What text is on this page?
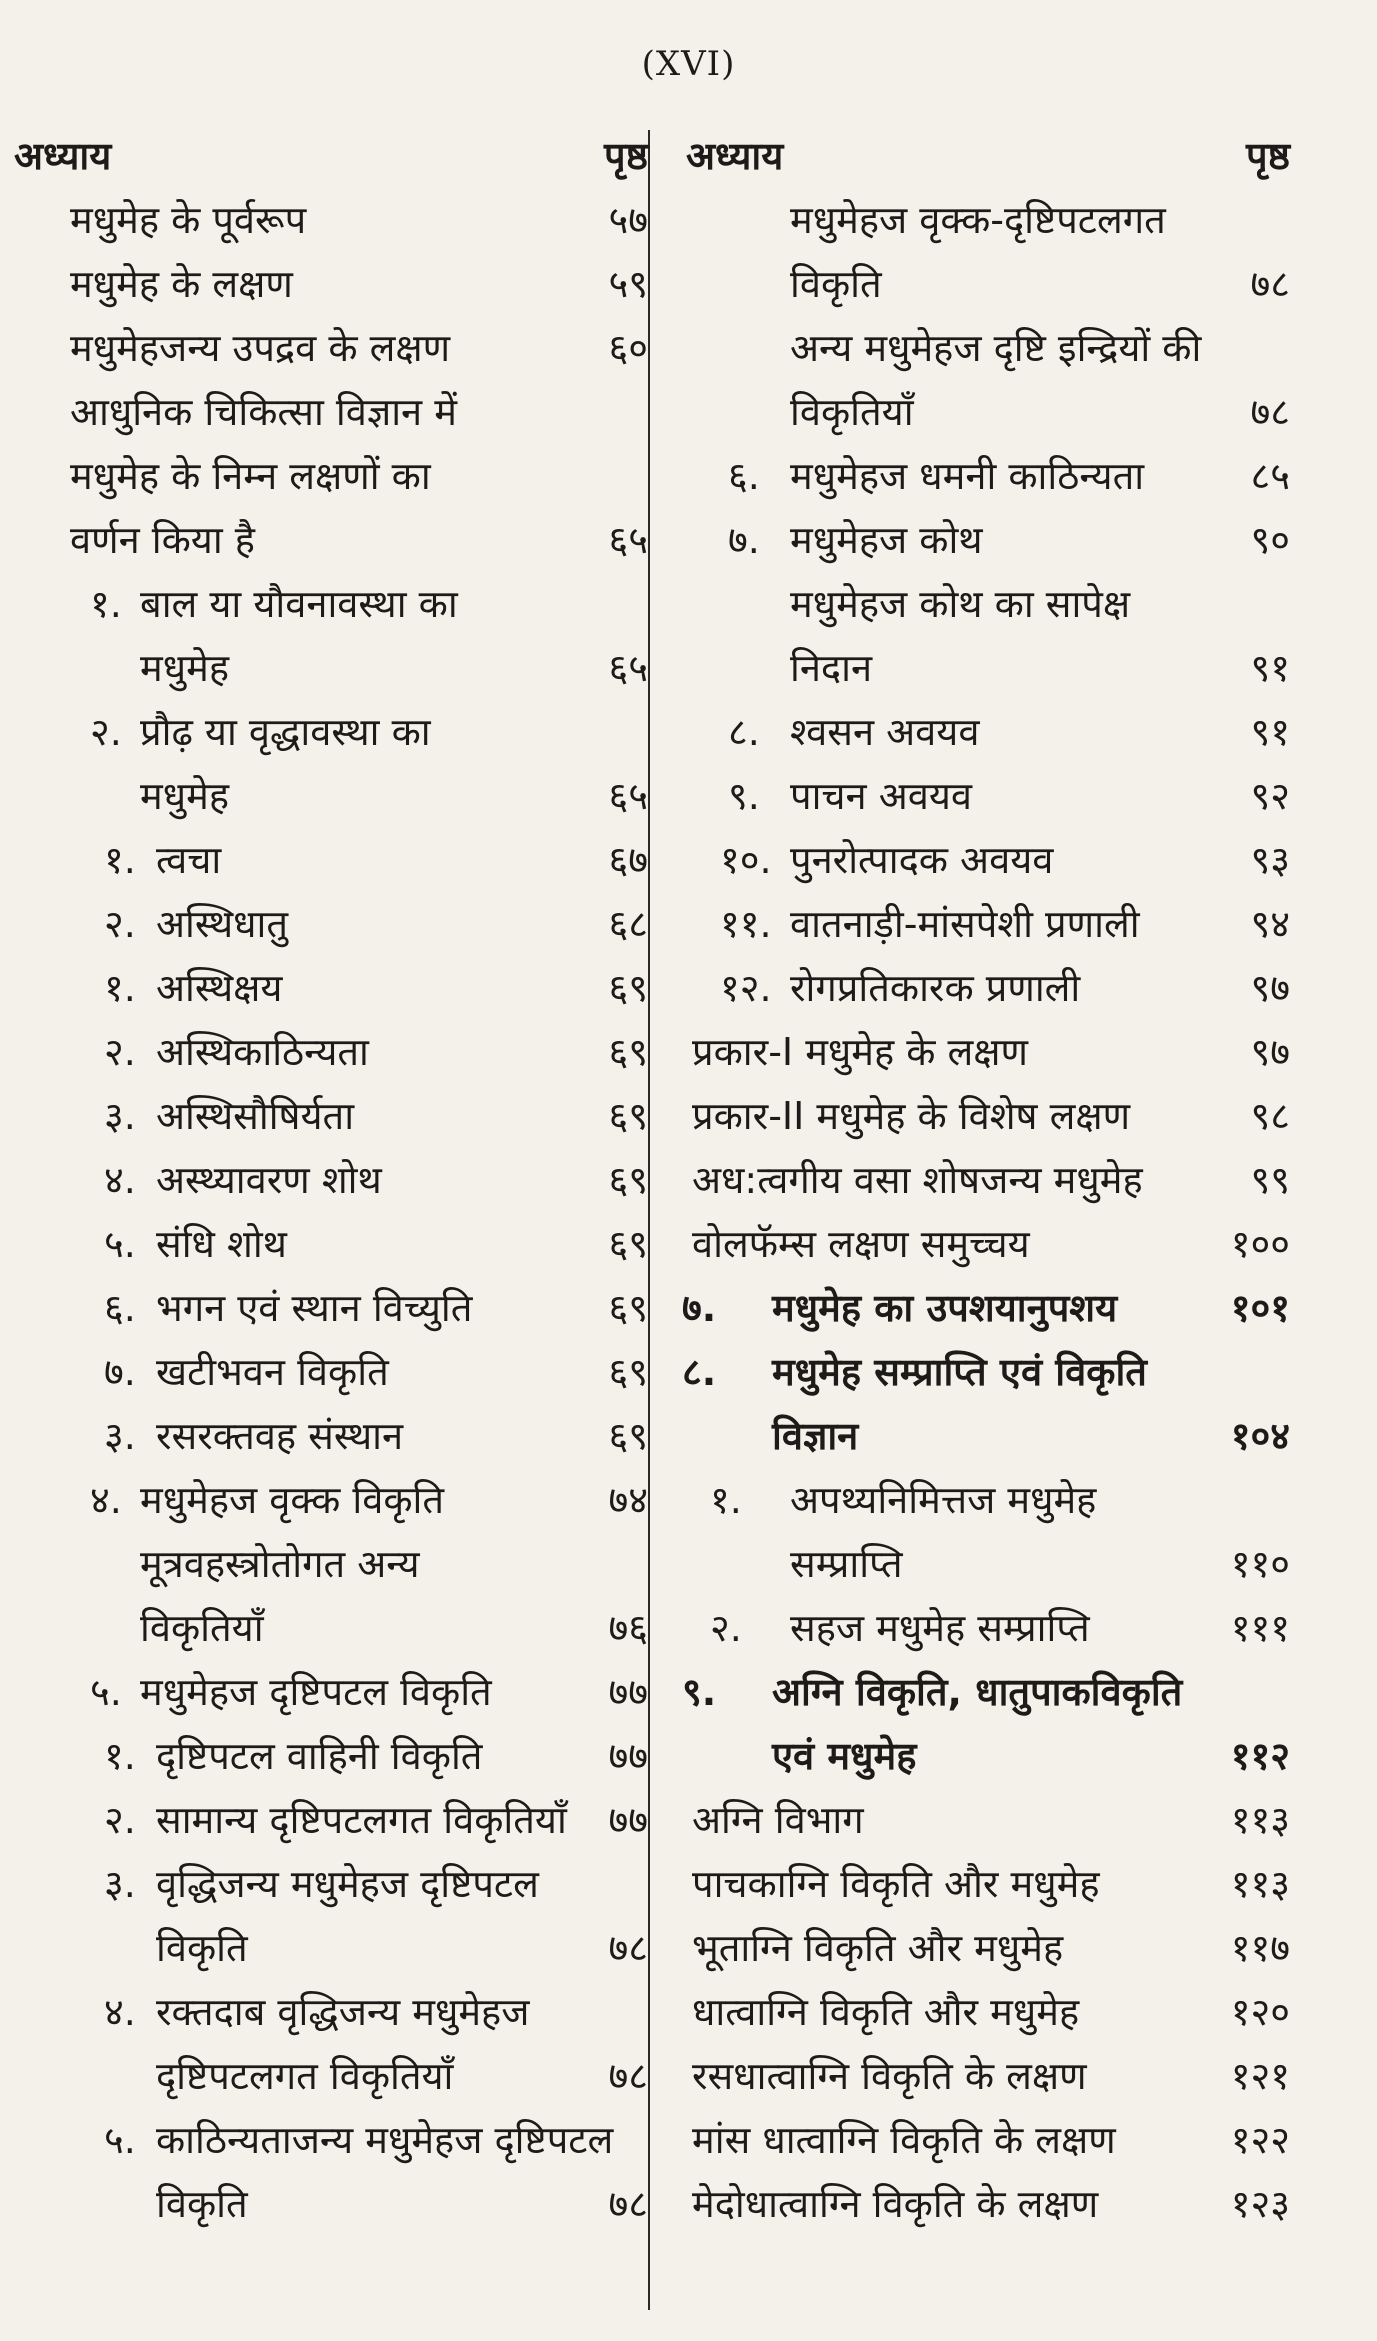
(XVI)
अध्याय	पृष्ठ
मधुमेह के पूर्वरूप	५७
मधुमेह के लक्षण	५९
मधुमेहजन्य उपद्रव के लक्षण	६०
आधुनिक चिकित्सा विज्ञान में
मधुमेह के निम्न लक्षणों का
वर्णन किया है	६५
१. बाल या यौवनावस्था का
मधुमेह	६५
२. प्रौढ़ या वृद्धावस्था का
मधुमेह	६५
१. त्वचा	६७
२. अस्थिधातु	६८
१. अस्थिक्षय	६९
२. अस्थिकाठिन्यता	६९
३. अस्थिसौषिर्यता	६९
४. अस्थ्यावरण शोथ	६९
५. संधि शोथ	६९
६. भगन एवं स्थान विच्युति	६९
७. खटीभवन विकृति	६९
३. रसरक्तवह संस्थान	६९
४. मधुमेहज वृक्क विकृति	७४
मूत्रवहस्त्रोतोगत अन्य
विकृतियाँ	७६
५. मधुमेहज दृष्टिपटल विकृति	७७
१. दृष्टिपटल वाहिनी विकृति	७७
२. सामान्य दृष्टिपटलगत विकृतियाँ ७७
३. वृद्धिजन्य मधुमेहज दृष्टिपटल
विकृति	७८
४. रक्तदाब वृद्धिजन्य मधुमेहज
दृष्टिपटलगत विकृतियाँ	७८
५. काठिन्यताजन्य मधुमेहज दृष्टिपटल
विकृति	७८
अध्याय	पृष्ठ
मधुमेहज वृक्क-दृष्टिपटलगत
विकृति	७८
अन्य मधुमेहज दृष्टि इन्द्रियों की
विकृतियाँ	७८
६. मधुमेहज धमनी काठिन्यता	८५
७. मधुमेहज कोथ	९०
मधुमेहज कोथ का सापेक्ष
निदान	९१
८. श्वसन अवयव	९१
९. पाचन अवयव	९२
१०. पुनरोत्पादक अवयव	९३
११. वातनाड़ी-मांसपेशी प्रणाली	९४
१२. रोगप्रतिकारक प्रणाली	९७
प्रकार-I मधुमेह के लक्षण	९७
प्रकार-II मधुमेह के विशेष लक्षण	९८
अध:त्वगीय वसा शोषजन्य मधुमेह	९९
वोलफॅम्स लक्षण समुच्चय	१००
७. मधुमेह का उपशयानुपशय	१०१
८. मधुमेह सम्प्राप्ति एवं विकृति
विज्ञान	१०४
१. अपथ्यनिमित्तज मधुमेह
सम्प्राप्ति	११०
२. सहज मधुमेह सम्प्राप्ति	१११
९. अग्नि विकृति, धातुपाकविकृति
एवं मधुमेह	११२
अग्नि विभाग	११३
पाचकाग्नि विकृति और मधुमेह	११३
भूताग्नि विकृति और मधुमेह	११७
धात्वाग्नि विकृति और मधुमेह	१२०
रसधात्वाग्नि विकृति के लक्षण	१२१
मांस धात्वाग्नि विकृति के लक्षण	१२२
मेदोधात्वाग्नि विकृति के लक्षण	१२३
